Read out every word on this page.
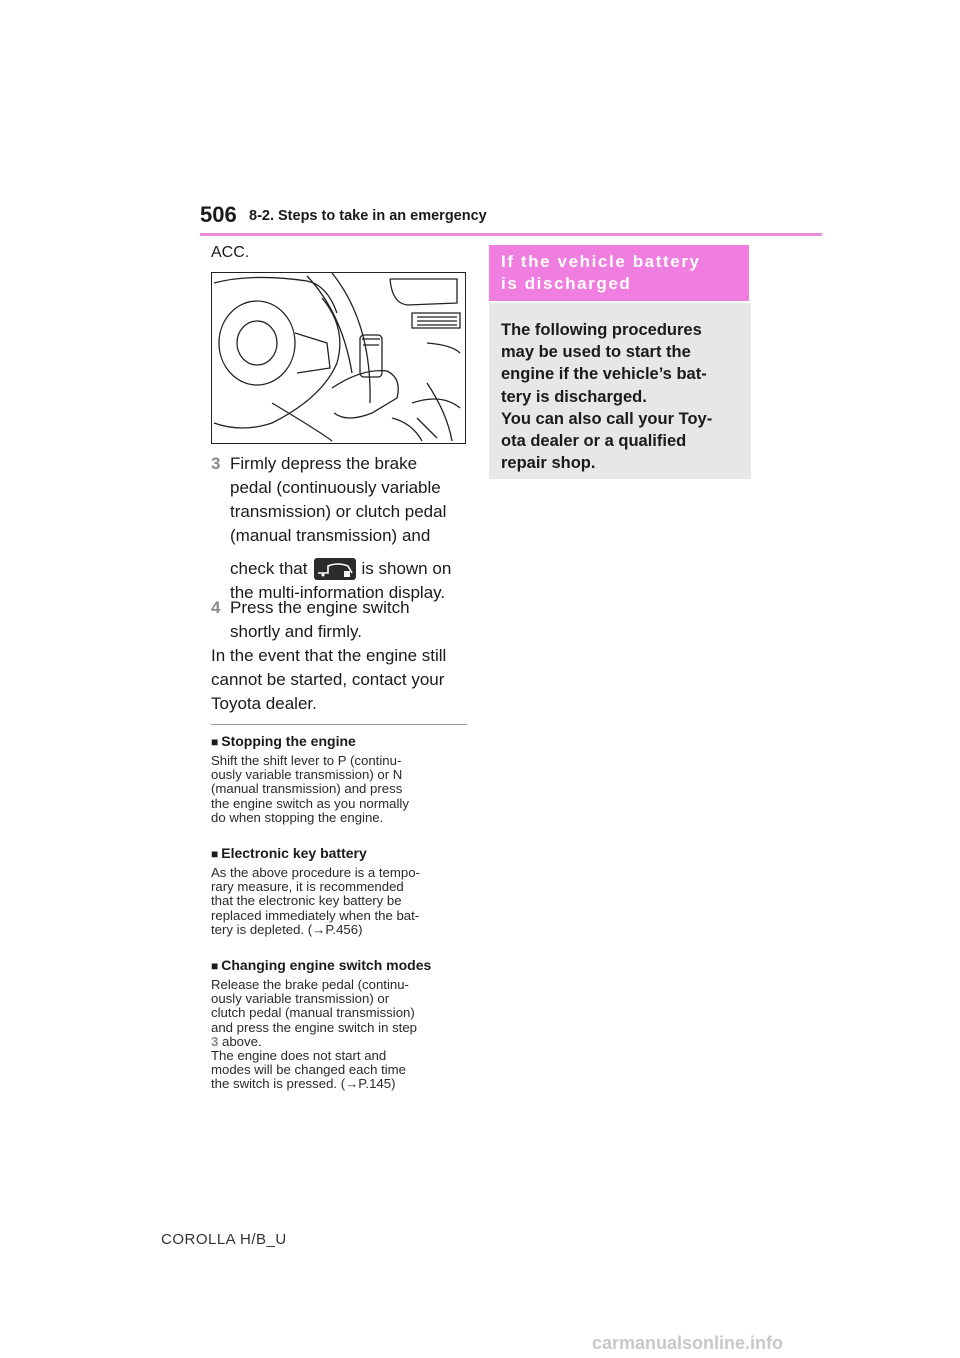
506 8-2. Steps to take in an emergency
ACC.
3 Firmly depress the brake
pedal (continuously variable
transmission) or clutch pedal
(manual transmission) and
check that	is shown on
the multi-information display.
4 Press the engine switch
shortly and firmly.
In the event that the engine still
cannot be started, contact your
Toyota dealer.
■ Stopping the engine
Shift the shift lever to P (continu-
ously variable transmission) or N
(manual transmission) and press
the engine switch as you normally
do when stopping the engine.
■ Electronic key battery
As the above procedure is a tempo-
rary measure, it is recommended
that the electronic key battery be
replaced immediately when the bat-
tery is depleted. (→P.456)
■ Changing engine switch modes
Release the brake pedal (continu-
ously variable transmission) or
clutch pedal (manual transmission)
and press the engine switch in step
3 above.
The engine does not start and
modes will be changed each time
the switch is pressed. (→P.145)
If the vehicle battery
is discharged
The following procedures
may be used to start the
engine if the vehicle’s bat-
tery is discharged.
You can also call your Toy-
ota dealer or a qualified
repair shop.
COROLLA H/B_U
carmanualsonline.info
